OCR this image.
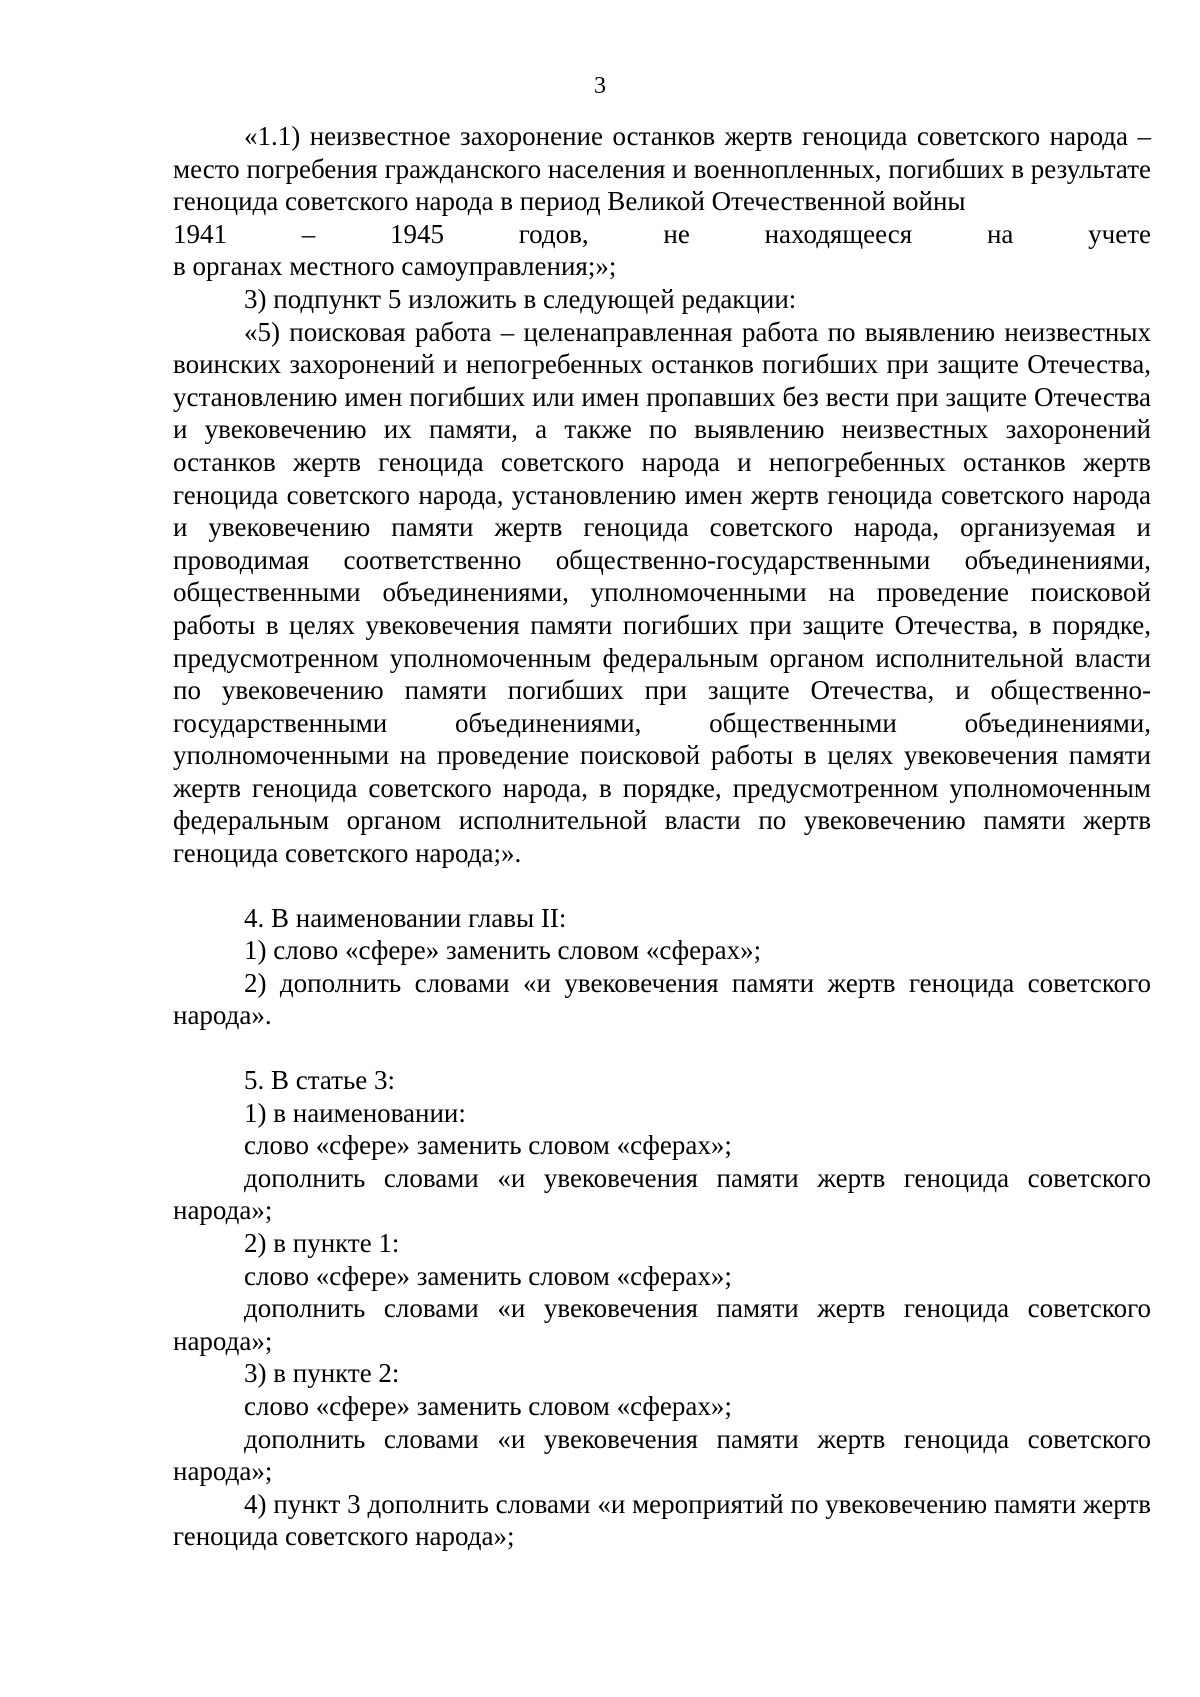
3

«1.1) неизвестное захоронение останков жертв геноцида советского народа – место погребения гражданского населения и военнопленных, погибших в результате геноцида советского народа в период Великой Отечественной войны

1941	–	1945	годов,	не	находящееся	на	учете

в органах местного самоуправления;»;

3) подпункт 5 изложить в следующей редакции:

«5) поисковая работа – целенаправленная работа по выявлению неизвестных воинских захоронений и непогребенных останков погибших при защите Отечества, установлению имен погибших или имен пропавших без вести при защите Отечества и увековечению их памяти, а также по выявлению неизвестных захоронений останков жертв геноцида советского народа и непогребенных останков жертв геноцида советского народа, установлению имен жертв геноцида советского народа и увековечению памяти жертв геноцида советского народа, организуемая и проводимая соответственно общественно-государственными объединениями, общественными объединениями, уполномоченными на проведение поисковой работы в целях увековечения памяти погибших при защите Отечества, в порядке, предусмотренном уполномоченным федеральным органом исполнительной власти по увековечению памяти погибших при защите Отечества, и общественно-государственными объединениями, общественными объединениями, уполномоченными на проведение поисковой работы в целях увековечения памяти жертв геноцида советского народа, в порядке, предусмотренном уполномоченным федеральным органом исполнительной власти по увековечению памяти жертв геноцида советского народа;».

4. В наименовании главы II:

1) слово «сфере» заменить словом «сферах»;

2) дополнить словами «и увековечения памяти жертв геноцида советского народа».

5. В статье 3:

1) в наименовании:

слово «сфере» заменить словом «сферах»;

дополнить словами «и увековечения памяти жертв геноцида советского народа»;

2) в пункте 1:

слово «сфере» заменить словом «сферах»;

дополнить словами «и увековечения памяти жертв геноцида советского народа»;

3) в пункте 2:

слово «сфере» заменить словом «сферах»;

дополнить словами «и увековечения памяти жертв геноцида советского народа»;

4) пункт 3 дополнить словами «и мероприятий по увековечению памяти жертв геноцида советского народа»;
